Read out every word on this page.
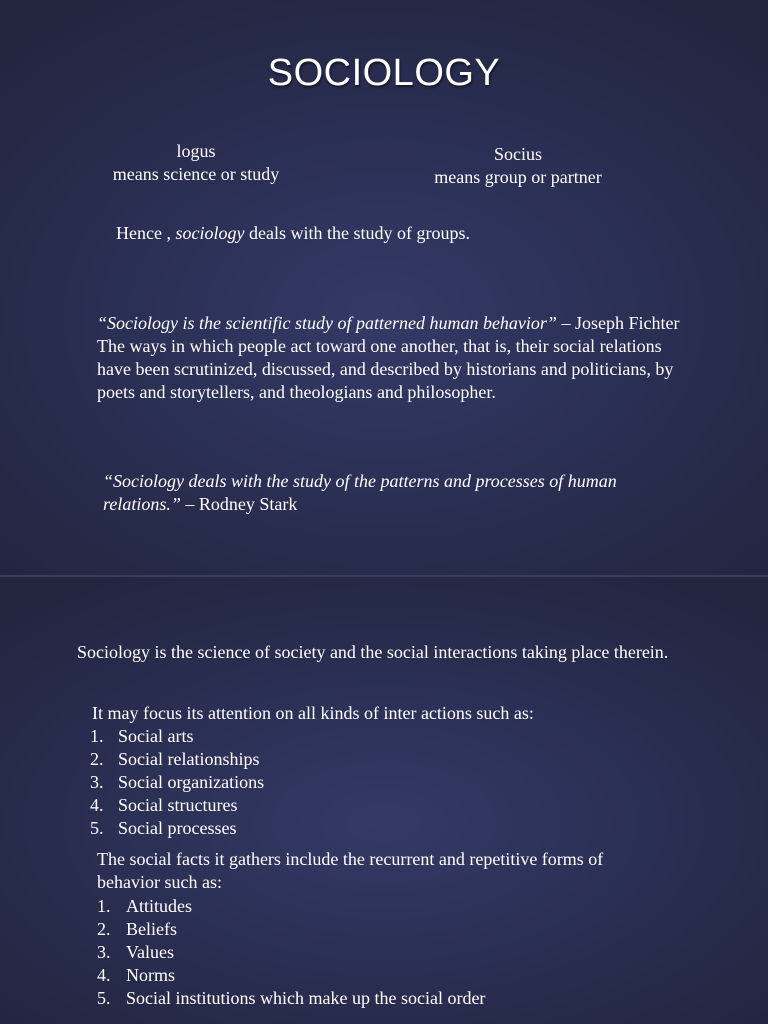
SOCIOLOGY
logus
means science or study
Socius
means group or partner
Hence , sociology deals with the study of groups.
“Sociology is the scientific study of patterned human behavior” – Joseph Fichter
The ways in which people act toward one another, that is, their social relations have been scrutinized, discussed, and described by historians and politicians, by poets and storytellers, and theologians and philosopher.
“Sociology deals with the study of the patterns and processes of human relations.” – Rodney Stark
Sociology is the science of society and the social interactions taking place therein.
It may focus its attention on all kinds of inter actions such as:
1. Social arts
2. Social relationships
3. Social organizations
4. Social structures
5. Social processes
The social facts it gathers include the recurrent and repetitive forms of behavior such as:
1. Attitudes
2. Beliefs
3. Values
4. Norms
5. Social institutions which make up the social order
